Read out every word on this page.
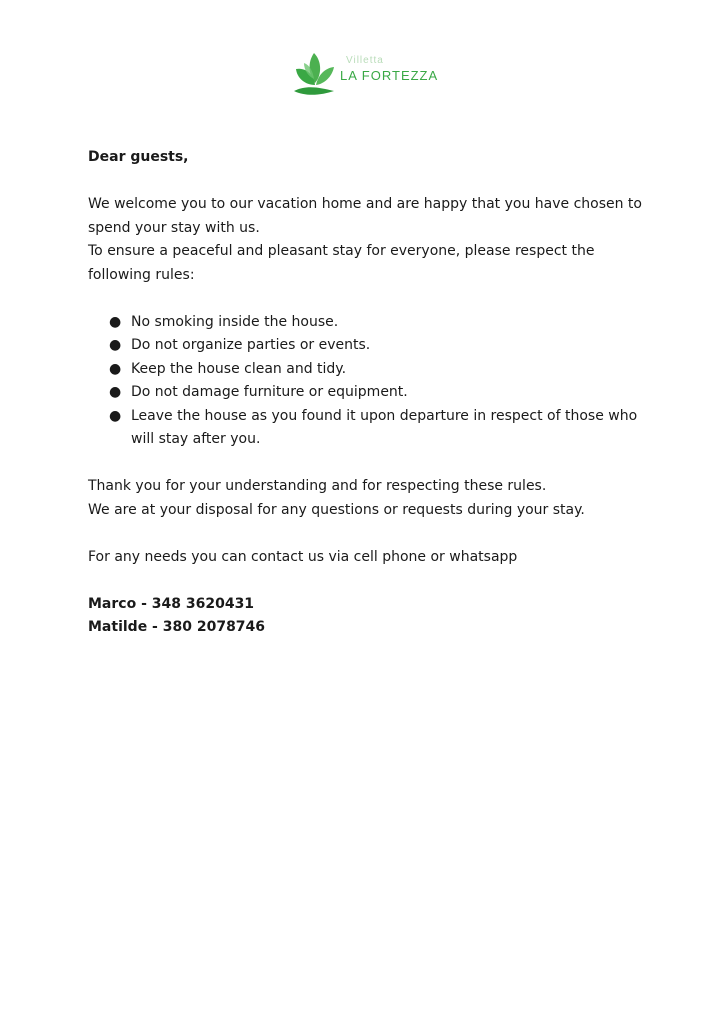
Villetta
LA FORTEZZA

Dear guests,

We welcome you to our vacation home and are happy that you have chosen to spend your stay with us.

To ensure a peaceful and pleasant stay for everyone, please respect the following rules:

● No smoking inside the house.
● Do not organize parties or events.
● Keep the house clean and tidy.
● Do not damage furniture or equipment.
● Leave the house as you found it upon departure in respect of those who will stay after you.

Thank you for your understanding and for respecting these rules.

We are at your disposal for any questions or requests during your stay.

For any needs you can contact us via cell phone or whatsapp

Marco - 348 3620431

Matilde - 380 2078746
